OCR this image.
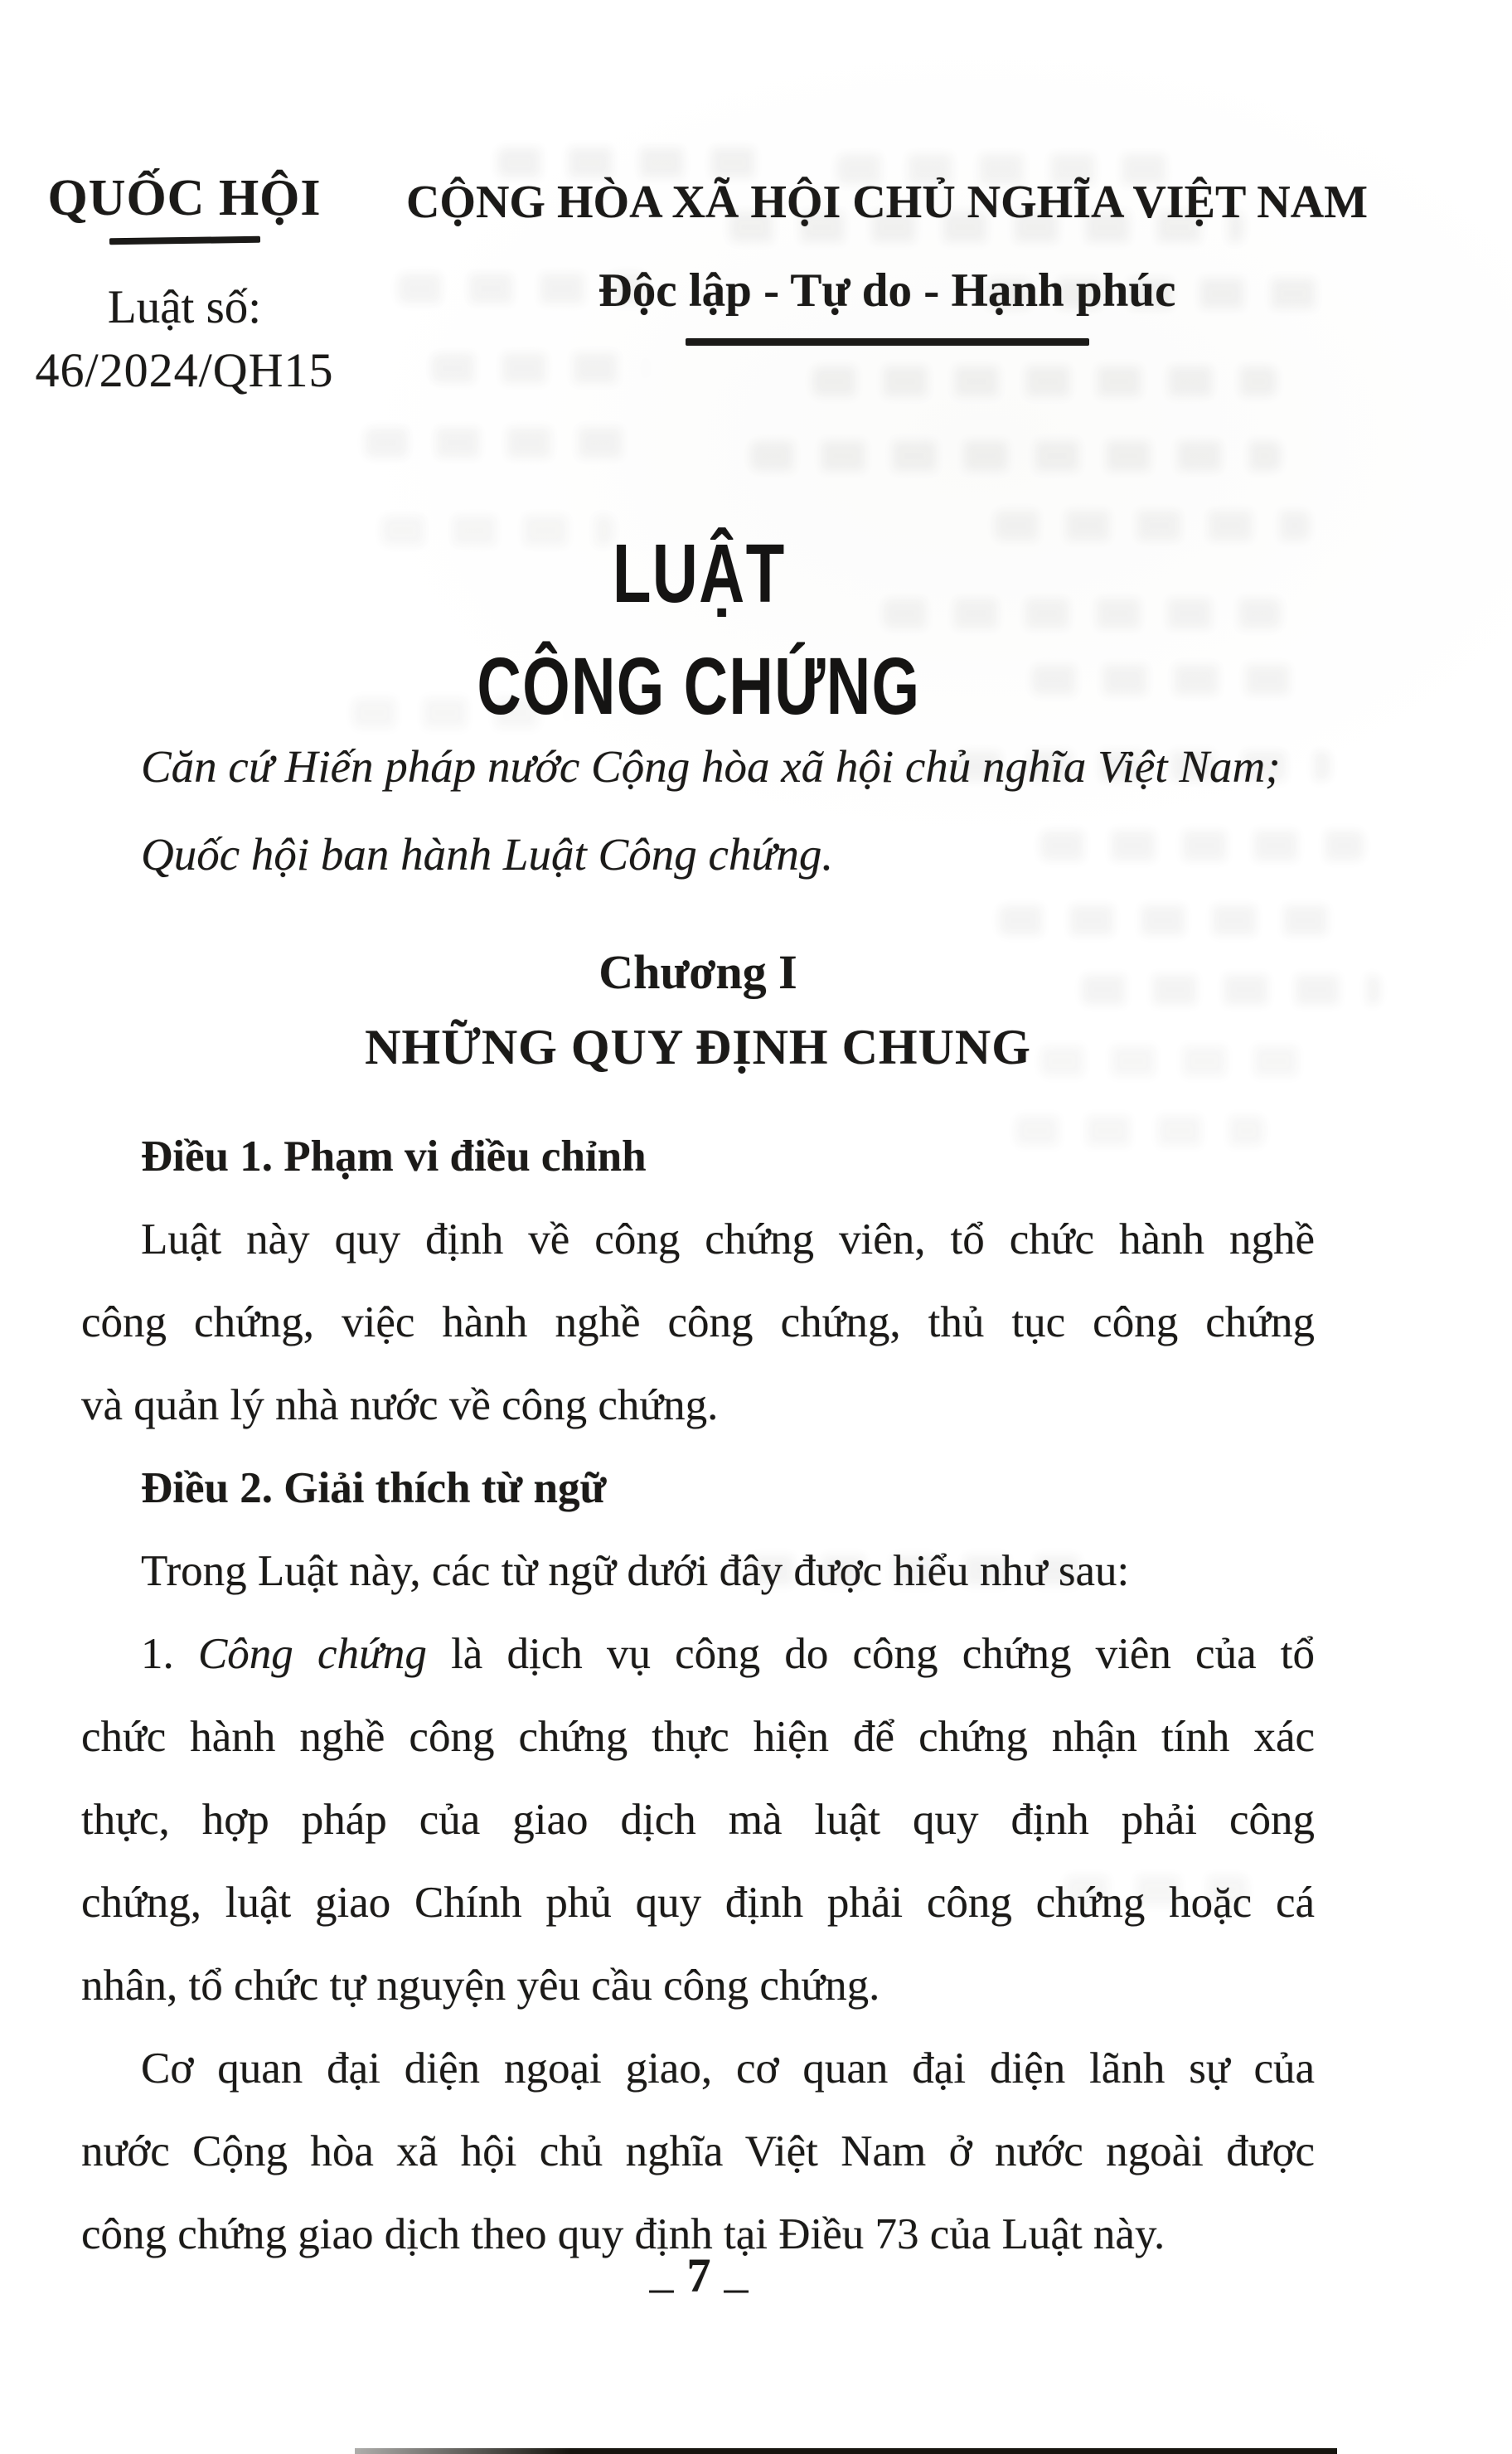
QUỐC HỘI
Luật số:
46/2024/QH15
CỘNG HÒA XÃ HỘI CHỦ NGHĨA VIỆT NAM
Độc lập - Tự do - Hạnh phúc
LUẬT
CÔNG CHỨNG
Căn cứ Hiến pháp nước Cộng hòa xã hội chủ nghĩa Việt Nam;
Quốc hội ban hành Luật Công chứng.
Chương I
NHỮNG QUY ĐỊNH CHUNG
Điều 1. Phạm vi điều chỉnh
Luật này quy định về công chứng viên, tổ chức hành nghề
công chứng, việc hành nghề công chứng, thủ tục công chứng
và quản lý nhà nước về công chứng.
Điều 2. Giải thích từ ngữ
Trong Luật này, các từ ngữ dưới đây được hiểu như sau:
1. Công chứng là dịch vụ công do công chứng viên của tổ
chức hành nghề công chứng thực hiện để chứng nhận tính xác
thực, hợp pháp của giao dịch mà luật quy định phải công
chứng, luật giao Chính phủ quy định phải công chứng hoặc cá
nhân, tổ chức tự nguyện yêu cầu công chứng.
Cơ quan đại diện ngoại giao, cơ quan đại diện lãnh sự của
nước Cộng hòa xã hội chủ nghĩa Việt Nam ở nước ngoài được
công chứng giao dịch theo quy định tại Điều 73 của Luật này.
_ 7 _
